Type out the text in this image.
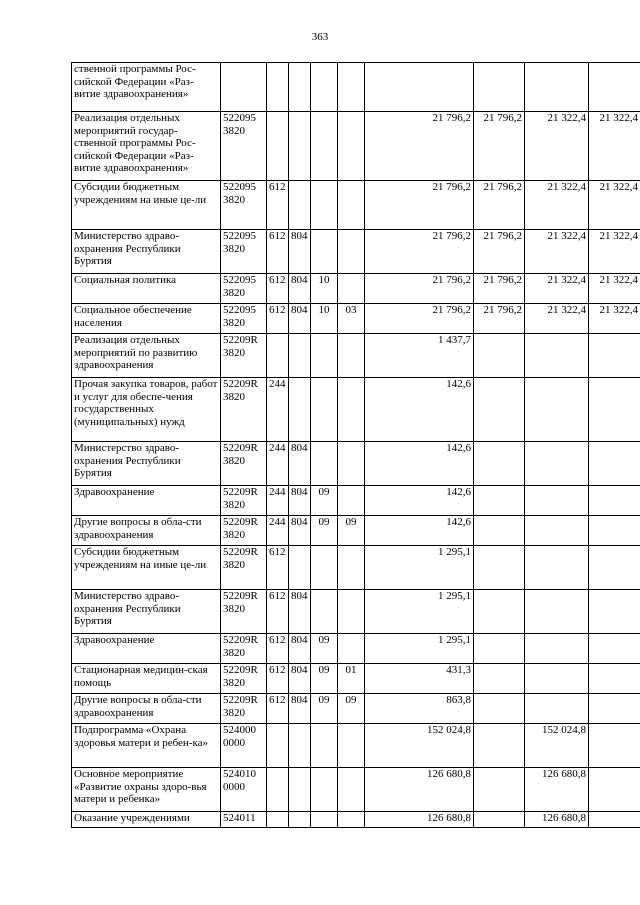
363
ственной программы Рос-сийской Федерации «Раз-витие здравоохранения»									
Реализация отдельных мероприятий государ-ственной программы Рос-сийской Федерации «Раз-витие здравоохранения»	522095 3820					21 796,2	21 796,2	21 322,4	21 322,4
Субсидии бюджетным учреждениям на иные це-ли	522095 3820	612				21 796,2	21 796,2	21 322,4	21 322,4
Министерство здраво-охранения Республики Бурятия	522095 3820	612	804			21 796,2	21 796,2	21 322,4	21 322,4
Социальная политика	522095 3820	612	804	10		21 796,2	21 796,2	21 322,4	21 322,4
Социальное обеспечение населения	522095 3820	612	804	10	03	21 796,2	21 796,2	21 322,4	21 322,4
Реализация отдельных мероприятий по развитию здравоохранения	52209R 3820					1 437,7			
Прочая закупка товаров, работ и услуг для обеспе-чения государственных (муниципальных) нужд	52209R 3820	244				142,6			
Министерство здраво-охранения Республики Бурятия	52209R 3820	244	804			142,6			
Здравоохранение	52209R 3820	244	804	09		142,6			
Другие вопросы в обла-сти здравоохранения	52209R 3820	244	804	09	09	142,6			
Субсидии бюджетным учреждениям на иные це-ли	52209R 3820	612				1 295,1			
Министерство здраво-охранения Республики Бурятия	52209R 3820	612	804			1 295,1			
Здравоохранение	52209R 3820	612	804	09		1 295,1			
Стационарная медицин-ская помощь	52209R 3820	612	804	09	01	431,3			
Другие вопросы в обла-сти здравоохранения	52209R 3820	612	804	09	09	863,8			
Подпрограмма «Охрана здоровья матери и ребен-ка»	524000 0000					152 024,8		152 024,8	
Основное мероприятие «Развитие охраны здоро-вья матери и ребенка»	524010 0000					126 680,8		126 680,8	
Оказание учреждениями	524011					126 680,8		126 680,8	
